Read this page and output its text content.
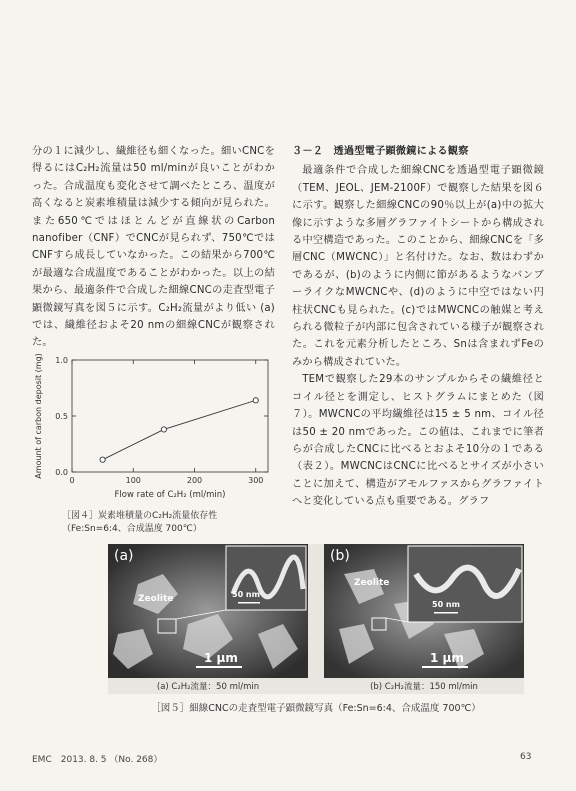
分の１に減少し、繊維径も細くなった。細いCNCを得るにはC₂H₂流量は50 ml/minが良いことがわかった。合成温度も変化させて調べたところ、温度が高くなると炭素堆積量は減少する傾向が見られた。また650℃ではほとんどが直線状のCarbon nanofiber（CNF）でCNCが見られず、750℃ではCNFすら成長していなかった。この結果から700℃が最適な合成温度であることがわかった。以上の結果から、最適条件で合成した細線CNCの走査型電子顕微鏡写真を図５に示す。C₂H₂流量がより低い (a) では、繊維径およそ20 nmの細線CNCが観察された。

３－２　透過型電子顕微鏡による観察

最適条件で合成した細線CNCを透過型電子顕微鏡（TEM、JEOL、JEM-2100F）で観察した結果を図６に示す。観察した細線CNCの90％以上が(a)中の拡大像に示すような多層グラファイトシートから構成される中空構造であった。このことから、細線CNCを「多層CNC（MWCNC）」と名付けた。なお、数はわずかであるが、(b)のように内側に節があるようなバンブーライクなMWCNCや、(d)のように中空ではない円柱状CNCも見られた。(c)ではMWCNCの触媒と考えられる微粒子が内部に包含されている様子が観察された。これを元素分析したところ、Snは含まれずFeのみから構成されていた。

TEMで観察した29本のサンプルからその繊維径とコイル径とを測定し、ヒストグラムにまとめた（図７）。MWCNCの平均繊維径は15 ± 5 nm、コイル径は50 ± 20 nmであった。この値は、これまでに筆者らが合成したCNCに比べるとおよそ10分の１である（表２）。MWCNCはCNCに比べるとサイズが小さいことに加えて、構造がアモルファスからグラファイトへと変化している点も重要である。グラフ

0	100	200	300
0.0
0.5
1.0
Flow rate of C₂H₂ (ml/min)
Amount of carbon deposit (mg)
［図４］炭素堆積量のC₂H₂流量依存性
（Fe:Sn=6:4、合成温度 700℃）
(a)
Zeolite	50 nm
1 μm
(a) C₂H₂流量：50 ml/min
(b)
Zeolite
50 nm
1 μm
(b) C₂H₂流量：150 ml/min
［図５］細線CNCの走査型電子顕微鏡写真（Fe:Sn=6:4、合成温度 700℃）
EMC　2013. 8. 5 （No. 268）	63
